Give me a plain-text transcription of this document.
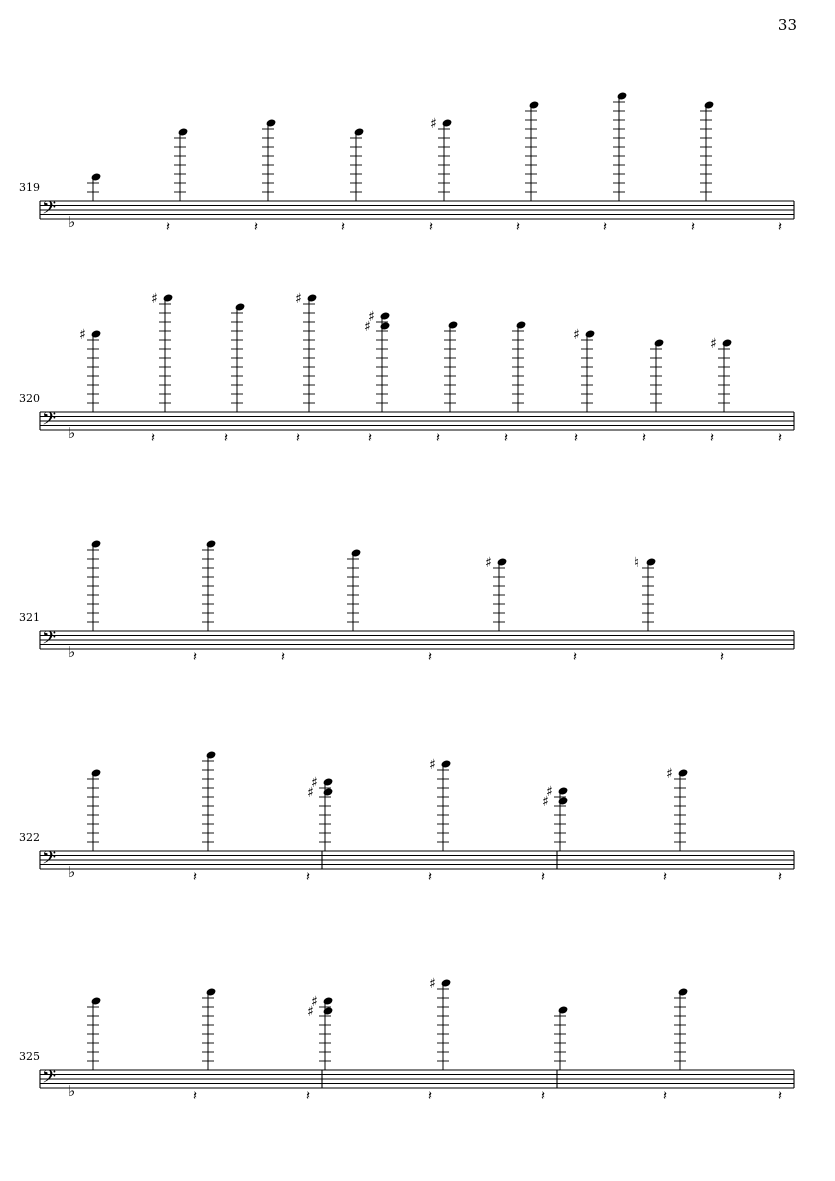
33
319
320
321
322
325
𝄢 ♭
♯
𝄽	𝄽	𝄽	𝄽	𝄽	𝄽	𝄽	𝄽
𝄢 ♭
♯
♯	♯
♯
♯	♯
♯
𝄽	𝄽	𝄽	𝄽	𝄽	𝄽	𝄽	𝄽	𝄽	𝄽
𝄢 ♭
♯	♮
𝄽	𝄽	𝄽	𝄽	𝄽
𝄢 ♭
♯
♯
♯
♯
♯
♯
𝄽	𝄽	𝄽	𝄽	𝄽	𝄽
𝄢 ♭
♯
♯
♯
𝄽	𝄽	𝄽	𝄽	𝄽	𝄽
